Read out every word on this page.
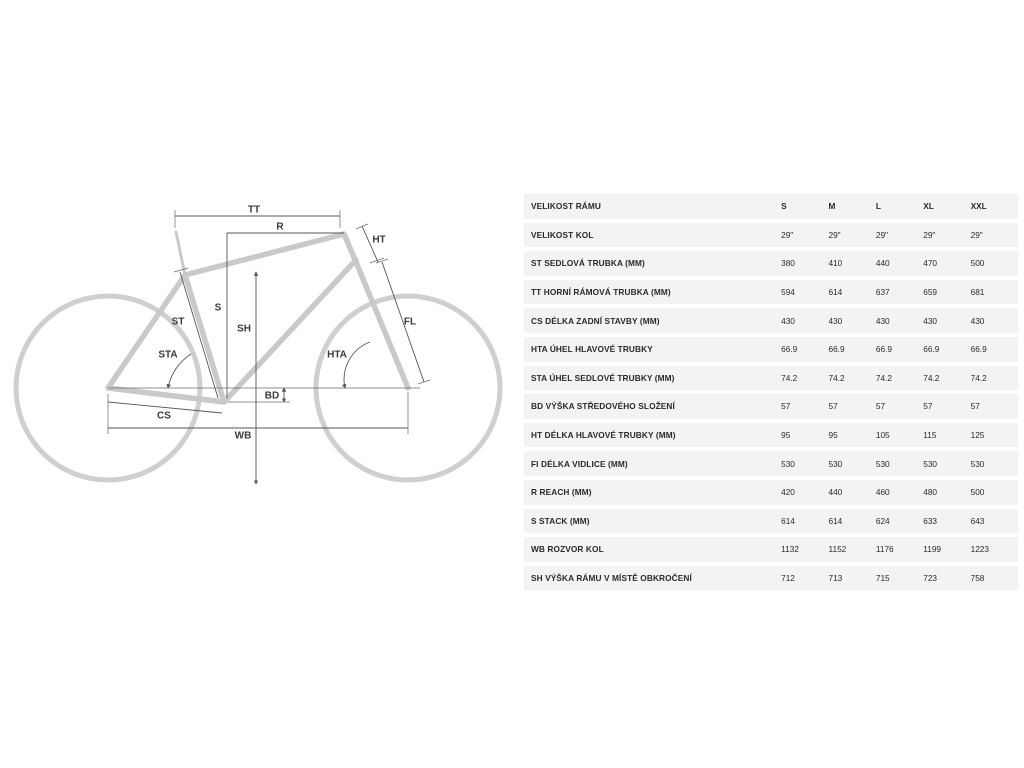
TT
R
HT
S
SH
ST
STA
FL
HTA
BD
CS
WB
VELIKOST RÁMU	S	M	L	XL	XXL
VELIKOST KOL	29"	29"	29"	29"	29"
ST SEDLOVÁ TRUBKA (MM)	380	410	440	470	500
TT HORNÍ RÁMOVÁ TRUBKA (MM)	594	614	637	659	681
CS DÉLKA ZADNÍ STAVBY (MM)	430	430	430	430	430
HTA ÚHEL HLAVOVÉ TRUBKY	66.9	66.9	66.9	66.9	66.9
STA ÚHEL SEDLOVÉ TRUBKY (MM)	74.2	74.2	74.2	74.2	74.2
BD VÝŠKA STŘEDOVÉHO SLOŽENÍ	57	57	57	57	57
HT DÉLKA HLAVOVÉ TRUBKY (MM)	95	95	105	115	125
FI DÉLKA VIDLICE (MM)	530	530	530	530	530
R REACH (MM)	420	440	460	480	500
S STACK (MM)	614	614	624	633	643
WB ROZVOR KOL	1132	1152	1176	1199	1223
SH VÝŠKA RÁMU V MÍSTĚ OBKROČENÍ	712	713	715	723	758
